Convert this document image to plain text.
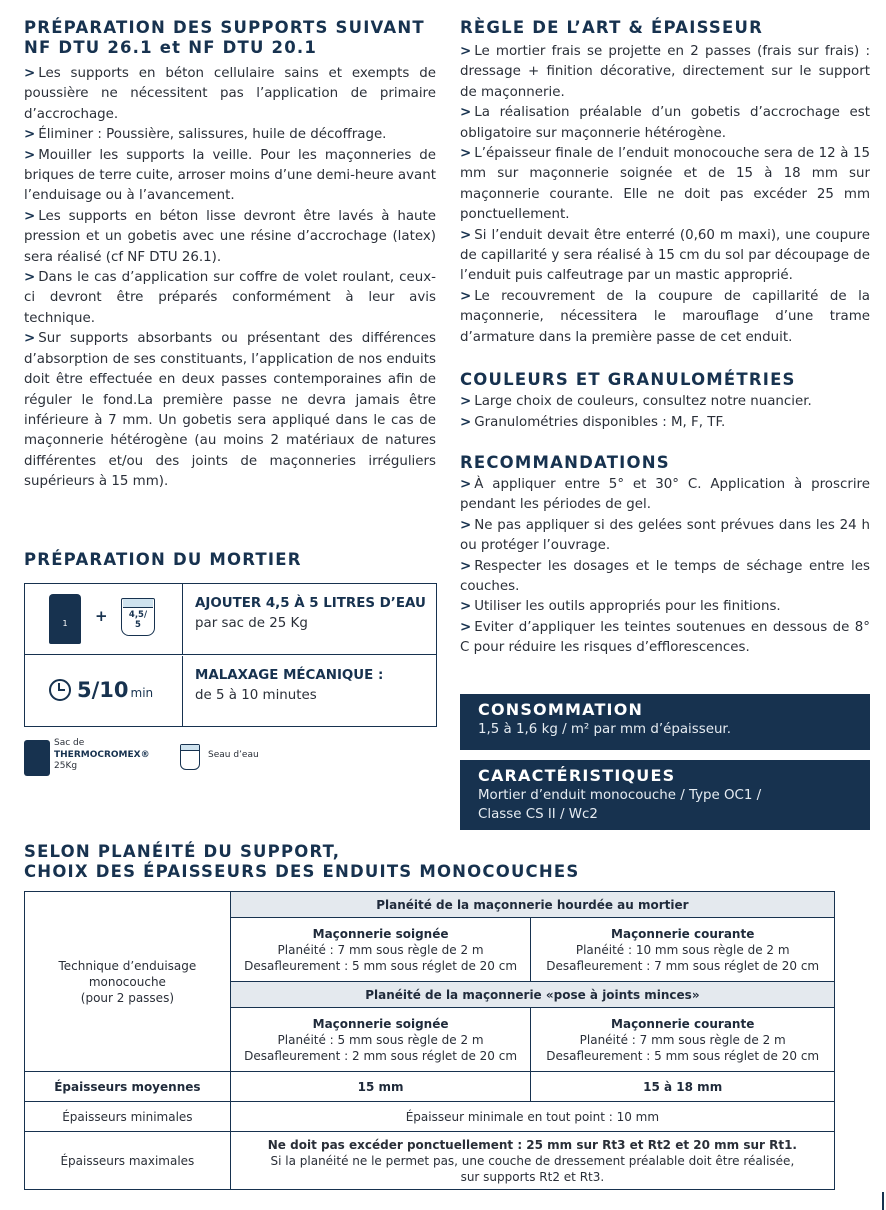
PRÉPARATION DES SUPPORTS SUIVANT
NF DTU 26.1 et NF DTU 20.1

> Les supports en béton cellulaire sains et exempts de poussière ne nécessitent pas l’application de primaire d’accrochage.

> Éliminer : Poussière, salissures, huile de décoffrage.

> Mouiller les supports la veille. Pour les maçonneries de briques de terre cuite, arroser moins d’une demi-heure avant l’enduisage ou à l’avancement.

> Les supports en béton lisse devront être lavés à haute pression et un gobetis avec une résine d’accrochage (latex) sera réalisé (cf NF DTU 26.1).

> Dans le cas d’application sur coffre de volet roulant, ceux-ci devront être préparés conformément à leur avis technique.

> Sur supports absorbants ou présentant des différences d’absorption de ses constituants, l’application de nos enduits doit être effectuée en deux passes contemporaines afin de réguler le fond.La première passe ne devra jamais être inférieure à 7 mm. Un gobetis sera appliqué dans le cas de maçonnerie hétérogène (au moins 2 matériaux de natures différentes et/ou des joints de maçonneries irréguliers supérieurs à 15 mm).

PRÉPARATION DU MORTIER
1	+	4,5/
5
AJOUTER 4,5 À 5 LITRES D’EAU
par sac de 25 Kg
5/10 min
MALAXAGE MÉCANIQUE :
de 5 à 10 minutes
Sac de
THERMOCROMEX®
25Kg
Seau d’eau
RÈGLE DE L’ART & ÉPAISSEUR

> Le mortier frais se projette en 2 passes (frais sur frais) : dressage + finition décorative, directement sur le support de maçonnerie.

> La réalisation préalable d’un gobetis d’accrochage est obligatoire sur maçonnerie hétérogène.

> L’épaisseur finale de l’enduit monocouche sera de 12 à 15 mm sur maçonnerie soignée et de 15 à 18 mm sur maçonnerie courante. Elle ne doit pas excéder 25 mm ponctuellement.

> Si l’enduit devait être enterré (0,60 m maxi), une coupure de capillarité y sera réalisé à 15 cm du sol par découpage de l’enduit puis calfeutrage par un mastic approprié.

> Le recouvrement de la coupure de capillarité de la maçonnerie, nécessitera le marouflage d’une trame d’armature dans la première passe de cet enduit.

COULEURS ET GRANULOMÉTRIES

> Large choix de couleurs, consultez notre nuancier.

> Granulométries disponibles : M, F, TF.

RECOMMANDATIONS

> À appliquer entre 5° et 30° C. Application à proscrire pendant les périodes de gel.

> Ne pas appliquer si des gelées sont prévues dans les 24 h ou protéger l’ouvrage.

> Respecter les dosages et le temps de séchage entre les couches.

> Utiliser les outils appropriés pour les finitions.

> Eviter d’appliquer les teintes soutenues en dessous de 8° C pour réduire les risques d’efflorescences.

CONSOMMATION

1,5 à 1,6 kg / m² par mm d’épaisseur.

CARACTÉRISTIQUES

Mortier d’enduit monocouche / Type OC1 /
Classe CS II / Wc2

SELON PLANÉITÉ DU SUPPORT,
CHOIX DES ÉPAISSEURS DES ENDUITS MONOCOUCHES
Technique d’enduisage
monocouche
(pour 2 passes)	Planéité de la maçonnerie hourdée au mortier	
	Maçonnerie soignée
Planéité : 7 mm sous règle de 2 m
Desafleurement : 5 mm sous réglet de 20 cm	Maçonnerie courante
Planéité : 10 mm sous règle de 2 m
Desafleurement : 7 mm sous réglet de 20 cm
	Planéité de la maçonnerie «pose à joints minces»	
	Maçonnerie soignée
Planéité : 5 mm sous règle de 2 m
Desafleurement : 2 mm sous réglet de 20 cm	Maçonnerie courante
Planéité : 7 mm sous règle de 2 m
Desafleurement : 5 mm sous réglet de 20 cm
Épaisseurs moyennes	15 mm	15 à 18 mm
Épaisseurs minimales	Épaisseur minimale en tout point : 10 mm	
Épaisseurs maximales	Ne doit pas excéder ponctuellement : 25 mm sur Rt3 et Rt2 et 20 mm sur Rt1.
Si la planéité ne le permet pas, une couche de dressement préalable doit être réalisée,
sur supports Rt2 et Rt3.	
